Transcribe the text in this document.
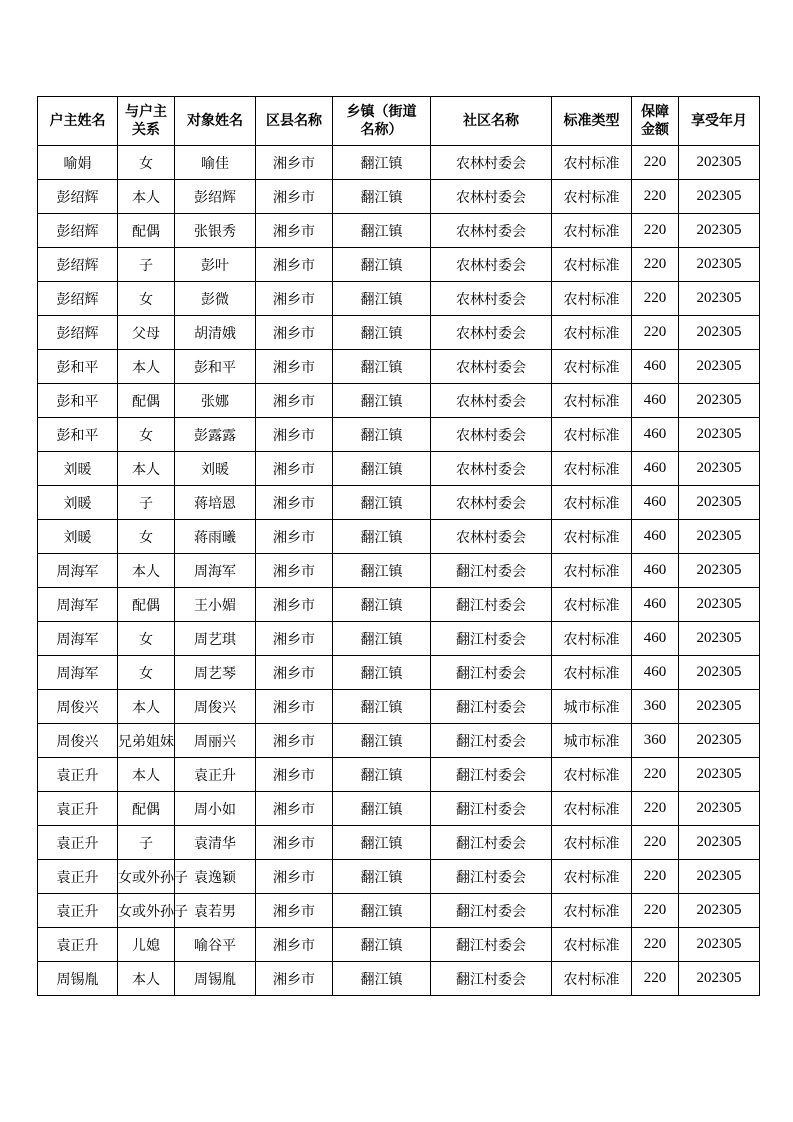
户主姓名	与户主关系	对象姓名	区县名称	乡镇（街道名称）	社区名称	标准类型	保障金额	享受年月
喻娟	女	喻佳	湘乡市	翻江镇	农林村委会	农村标准	220	202305
彭绍辉	本人	彭绍辉	湘乡市	翻江镇	农林村委会	农村标准	220	202305
彭绍辉	配偶	张银秀	湘乡市	翻江镇	农林村委会	农村标准	220	202305
彭绍辉	子	彭叶	湘乡市	翻江镇	农林村委会	农村标准	220	202305
彭绍辉	女	彭微	湘乡市	翻江镇	农林村委会	农村标准	220	202305
彭绍辉	父母	胡清娥	湘乡市	翻江镇	农林村委会	农村标准	220	202305
彭和平	本人	彭和平	湘乡市	翻江镇	农林村委会	农村标准	460	202305
彭和平	配偶	张娜	湘乡市	翻江镇	农林村委会	农村标准	460	202305
彭和平	女	彭露露	湘乡市	翻江镇	农林村委会	农村标准	460	202305
刘暖	本人	刘暖	湘乡市	翻江镇	农林村委会	农村标准	460	202305
刘暖	子	蒋培恩	湘乡市	翻江镇	农林村委会	农村标准	460	202305
刘暖	女	蒋雨曦	湘乡市	翻江镇	农林村委会	农村标准	460	202305
周海军	本人	周海军	湘乡市	翻江镇	翻江村委会	农村标准	460	202305
周海军	配偶	王小媚	湘乡市	翻江镇	翻江村委会	农村标准	460	202305
周海军	女	周艺琪	湘乡市	翻江镇	翻江村委会	农村标准	460	202305
周海军	女	周艺琴	湘乡市	翻江镇	翻江村委会	农村标准	460	202305
周俊兴	本人	周俊兴	湘乡市	翻江镇	翻江村委会	城市标准	360	202305
周俊兴	兄弟姐妹	周丽兴	湘乡市	翻江镇	翻江村委会	城市标准	360	202305
袁正升	本人	袁正升	湘乡市	翻江镇	翻江村委会	农村标准	220	202305
袁正升	配偶	周小如	湘乡市	翻江镇	翻江村委会	农村标准	220	202305
袁正升	子	袁清华	湘乡市	翻江镇	翻江村委会	农村标准	220	202305
袁正升	女或外孙子	袁逸颖	湘乡市	翻江镇	翻江村委会	农村标准	220	202305
袁正升	女或外孙子	袁若男	湘乡市	翻江镇	翻江村委会	农村标准	220	202305
袁正升	儿媳	喻谷平	湘乡市	翻江镇	翻江村委会	农村标准	220	202305
周锡胤	本人	周锡胤	湘乡市	翻江镇	翻江村委会	农村标准	220	202305
